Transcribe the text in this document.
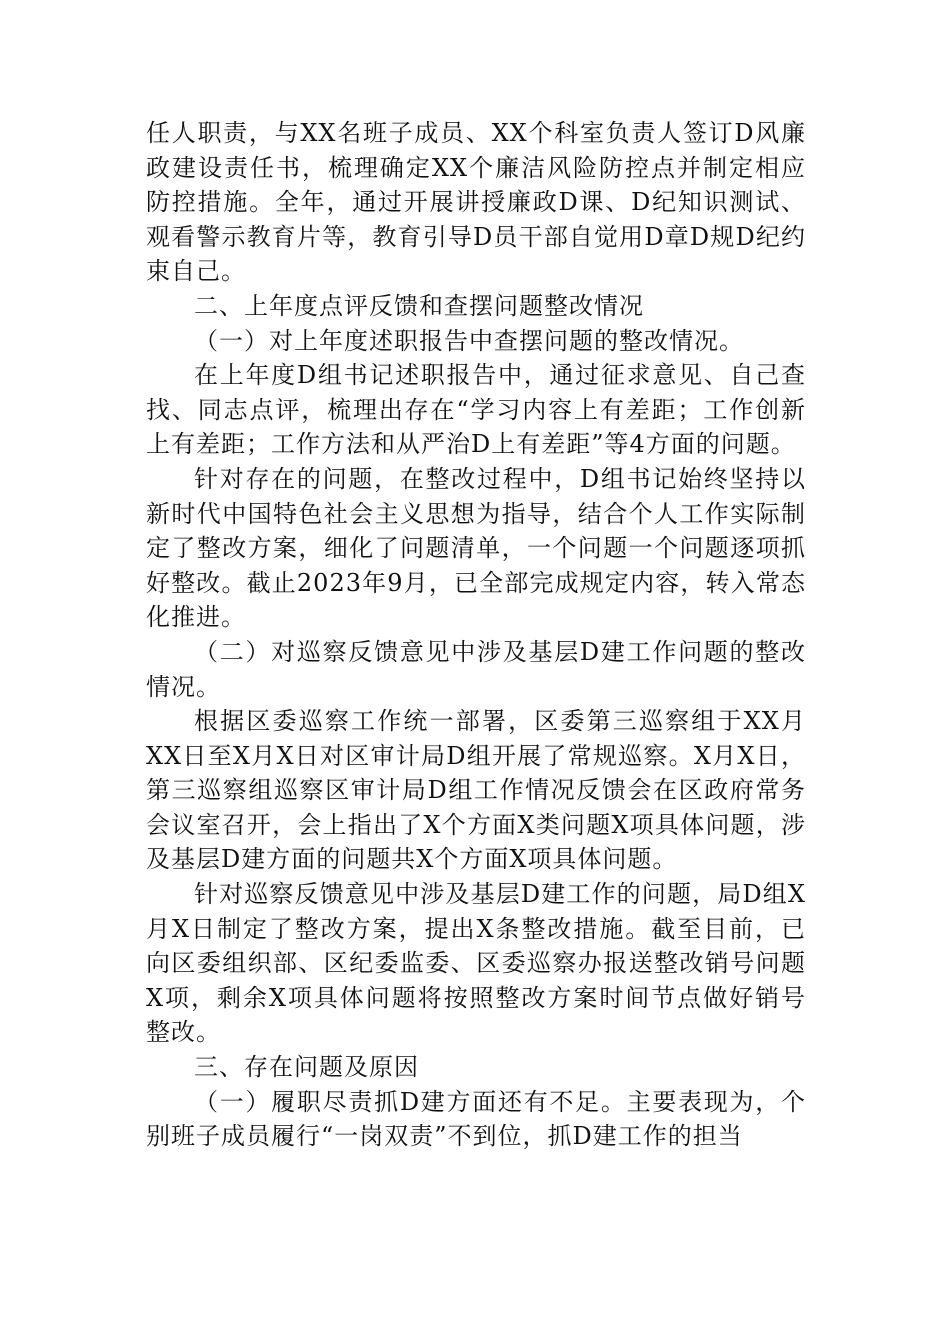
任人职责，与XX名班子成员、XX个科室负责人签订D风廉政建设责任书，梳理确定XX个廉洁风险防控点并制定相应防控措施。全年，通过开展讲授廉政D课、D纪知识测试、观看警示教育片等，教育引导D员干部自觉用D章D规D纪约束自己。

二、上年度点评反馈和查摆问题整改情况

（一）对上年度述职报告中查摆问题的整改情况。

在上年度D组书记述职报告中，通过征求意见、自己查找、同志点评，梳理出存在“学习内容上有差距；工作创新上有差距；工作方法和从严治D上有差距”等4方面的问题。

针对存在的问题，在整改过程中，D组书记始终坚持以新时代中国特色社会主义思想为指导，结合个人工作实际制定了整改方案，细化了问题清单，一个问题一个问题逐项抓好整改。截止2023年9月，已全部完成规定内容，转入常态化推进。

（二）对巡察反馈意见中涉及基层D建工作问题的整改情况。

根据区委巡察工作统一部署，区委第三巡察组于XX月XX日至X月X日对区审计局D组开展了常规巡察。X月X日，第三巡察组巡察区审计局D组工作情况反馈会在区政府常务会议室召开，会上指出了X个方面X类问题X项具体问题，涉及基层D建方面的问题共X个方面X项具体问题。

针对巡察反馈意见中涉及基层D建工作的问题，局D组X月X日制定了整改方案，提出X条整改措施。截至目前，已向区委组织部、区纪委监委、区委巡察办报送整改销号问题X项，剩余X项具体问题将按照整改方案时间节点做好销号整改。

三、存在问题及原因

（一）履职尽责抓D建方面还有不足。主要表现为，个别班子成员履行“一岗双责”不到位，抓D建工作的担当
